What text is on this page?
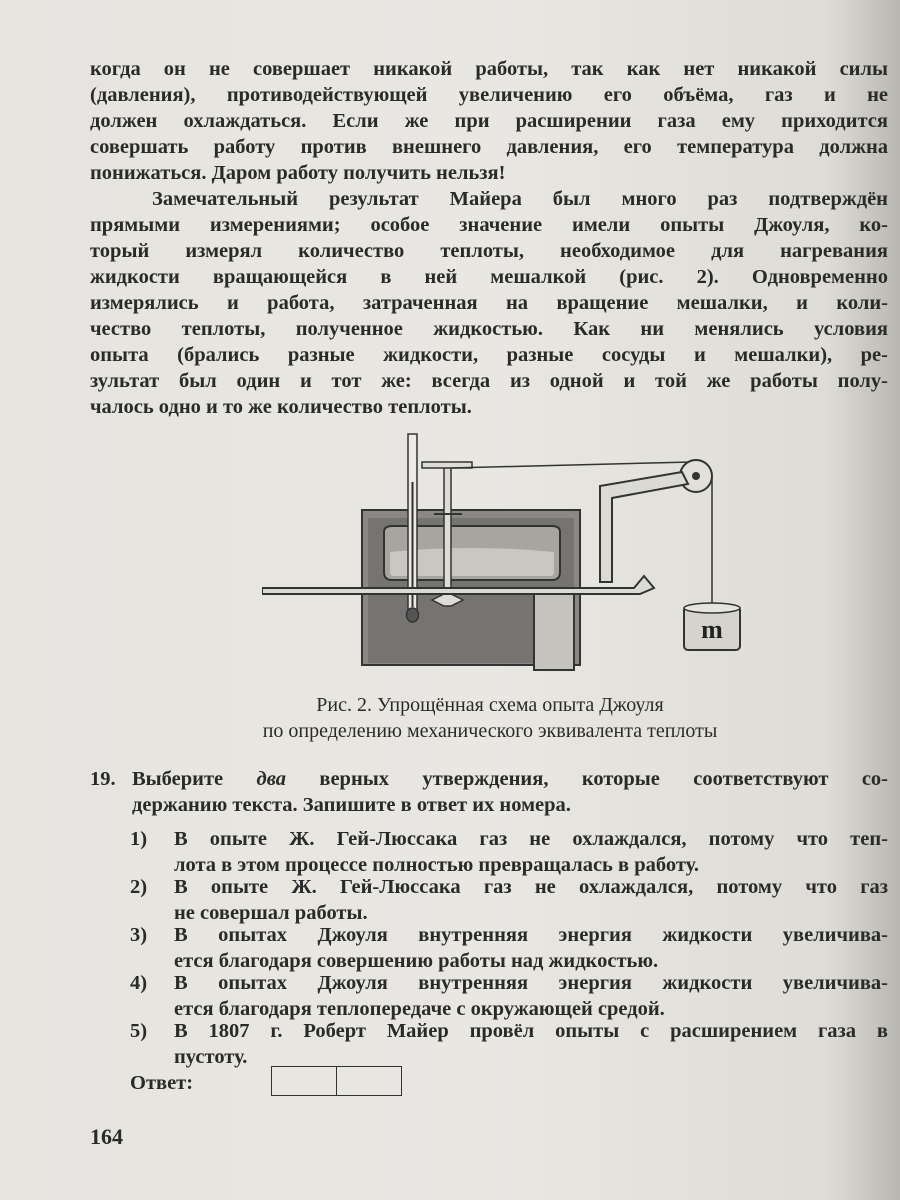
когда он не совершает никакой работы, так как нет никакой силы
(давления), противодействующей увеличению его объёма, газ и не
должен охлаждаться. Если же при расширении газа ему приходится
совершать работу против внешнего давления, его температура должна
понижаться. Даром работу получить нельзя!
Замечательный результат Майера был много раз подтверждён
прямыми измерениями; особое значение имели опыты Джоуля, ко-
торый измерял количество теплоты, необходимое для нагревания
жидкости вращающейся в ней мешалкой (рис. 2). Одновременно
измерялись и работа, затраченная на вращение мешалки, и коли-
чество теплоты, полученное жидкостью. Как ни менялись условия
опыта (брались разные жидкости, разные сосуды и мешалки), ре-
зультат был один и тот же: всегда из одной и той же работы полу-
чалось одно и то же количество теплоты.
m
Рис. 2. Упрощённая схема опыта Джоуля
по определению механического эквивалента теплоты
19. Выберите два верных утверждения, которые соответствуют со-
держанию текста. Запишите в ответ их номера.
1) В опыте Ж. Гей-Люссака газ не охлаждался, потому что теп-
лота в этом процессе полностью превращалась в работу.
2) В опыте Ж. Гей-Люссака газ не охлаждался, потому что газ
не совершал работы.
3) В опытах Джоуля внутренняя энергия жидкости увеличива-
ется благодаря совершению работы над жидкостью.
4) В опытах Джоуля внутренняя энергия жидкости увеличива-
ется благодаря теплопередаче с окружающей средой.
5) В 1807 г. Роберт Майер провёл опыты с расширением газа в
пустоту.
Ответ:
164
